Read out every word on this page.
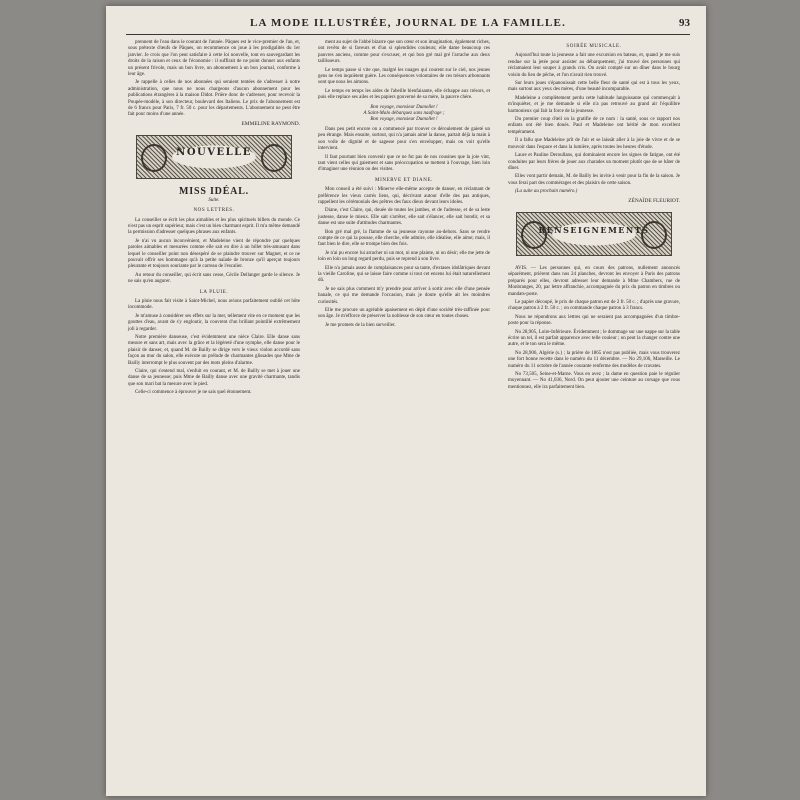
LA MODE ILLUSTRÉE, JOURNAL DE LA FAMILLE.	93

prennent de l'eau dans le courant de l'année. Pâques est le vice-premier de l'an, et, sous prétexte d'œufs de Pâques, on recommence on joue à les prodigalités du 1er janvier. Je crois que l'on peut satisfaire à cette loi nouvelle, tout en sauvegardant les droits de la raison et ceux de l'économie : il suffirait de ne point donner aux enfants un présent frivole, mais un bon livre, un abonnement à un bon journal, conforme à leur âge.

Je rappelle à celles de nos abonnées qui seraient tentées de s'adresser à notre administration, que nous ne nous chargeons d'aucun abonnement pour les publications étrangères à la maison Didot. Prière donc de s'adresser, pour recevoir la Poupée-modèle, à son directeur, boulevard des Italiens. Le prix de l'abonnement est de 6 francs pour Paris, 7 fr. 50 c. pour les départements. L'abonnement ne peut être fait pour moins d'une année.

EMMELINE RAYMOND.
NOUVELLE
MISS IDÉAL.
Suite.
NOS LETTRES.

La conseiller se écrit les plus aimables et les plus spirituels billets du monde. Ce n'est pas un esprit supérieur, mais c'est un bien charmant esprit. Il m'a même demandé la permission d'adresser quelques phrases aux enfants.

Je n'ai vu aucun inconvénient, et Madeleine vient de répondre par quelques paroles aimables et mesurées comme elle sait en dire à un billet très-amusant dans lequel le conseiller point non désespéré de se plaindre trouver sur Magnet, et ce ne pouvait offrir ses hommages qu'à la petite naïade de bronze qu'il aperçut toujours pleurante et toujours souriante par le carreau de l'escalier.

Au retour du conseiller, qui écrit sans cesse, Cécile Dellanger garde le silence. Je ne sais qu'en augurer.

LA PLUIE.

La pluie nous fait visite à Saint-Michel, nous avions parfaitement oublié cet hôte incommode.

Je m'amuse à considérer ses effets sur la mer, tellement vite en ce moment que les gouttes d'eau, avant de s'y engloutir, la couvrent d'un brillant pointillé extrêmement joli à regarder.

Notre première danseuse, c'est évidemment une nièce Claire. Elle danse sans mesure et sans art, mais avec la grâce et la légèreté d'une nymphe, elle danse pour le plaisir de danser, et, quand M. de Bailly se dirige vers le vieux violon accordé sans façon au mur du salon, elle exécute un prélude de charmantes glissades que Mme de Bailly interrompt le plus souvent par des mots pleins d'alarme.

Claire, qui s'entend mal, s'enfuit en courant, et M. de Bailly se met à jouer une danse de sa jeunesse; puis Mme de Bailly danse avec une gravité charmante, tandis que son mari bat la mesure avec le pied.

Celle-ci commence à éprouver je ne sais quel étonnement.

ment au sujet de l'abbé bizarre que son cœur et son imagination, également riches, ont revêtu de si faveurs et d'un si splendides couleurs; elle dame beaucoup ces pauvres anciens, comme pour s'excuser, et qui bon gré mal gré l'arrache aux deux taillisseurs.

Le temps passe si vite que, malgré les nuages qui courent sur le ciel, nos jeunes gens ne s'en inquiètent guère. Les conséquences volontaires de ces trésors arbonnants sont que nous les aimons.

Le temps en temps les aides de l'abeille bienfaisante, elle échappe aux trésors, et puis elle replace ses ailes et les papiers gouverné de sa mère, la pauvre chère.

Bon voyage, monsieur Dumollet !
A Saint-Malo débarquez sans naufrage ;
Bon voyage, monsieur Dumollet !

Dans peu petit encore on a commencé par trouver ce déroulement de gaieté un peu étrange. Mais ensuite, surtout, qui n'a jamais aimé la danse, partait déjà la main à son voile de dignité et de sagesse pour s'en envelopper, mais on voit qu'elle intervient.

Il faut pourtant bien convenir que ce ne fut pas de nos cousines que la joie vint, tant vient celles qui gaiement et sans préoccupation se mettent à l'ouvrage, bien loin d'imaginer une réunion ou des visites.

MINERVE ET DIANE.

Mon conseil a été suivi : Minerve elle-même accepte de danser, en réclamant de préférence les vieux carrés liens, qui, décrivant autour d'elle des pas antiques, rappellent les cérémonials des prêtres des faux dieux devant leurs idoles.

Diane, c'est Claire, qui, douée de toutes les jambes, et de l'adresse, et de sa leste justesse, danse le mieux. Elle sait s'arrêter, elle sait s'élancer, elle sait bondir, et sa danse est une suite d'attitudes charmantes.

Bon gré mal gré, la flamme de sa jeunesse rayonne au-dehors. Sans se rendre compte de ce qui la pousse, elle cherche, elle admire, elle idéalise, elle aime; mais, il faut bien le dire, elle se trompe bien des fois.

Je n'ai pu encore lui arracher ni un mot, ni une plainte, ni un désir; elle me jette de loin en loin un long regard perdu, puis se reprend à son livre.

Elle n'a jamais assez de complaisances pour sa tante, d'extases idolâtriques devant la vieille Caroline, qui se laisse faire comme si tout cet encens lui était naturellement dû.

Je ne sais plus comment m'y prendre pour arriver à sortir avec elle d'une pensée banale, ce qui me demande l'occasion, mais je doute qu'elle ait les moindres curiosités.

Elle me procure un agréable apaisement en dépit d'une société très-raffinée pour son âge. Je m'efforce de préserver la noblesse de son cœur en toutes choses.

Je me promets de la bien surveiller.

SOIRÉE MUSICALE.

Aujourd'hui toute la jeunesse a fait une excursion en bateau, et, quand je me suis rendue sur la jetée pour assister au débarquement, j'ai trouvé des personnes qui réclamaient leur souper à grands cris. On avait compté sur un dîner dans le bourg voisin du lieu de pêche, et l'on n'avait rien trouvé.

Sur leurs joues s'épanouissait cette belle fleur de santé qui est à tous les yeux, mais surtout aux yeux des mères, d'une beauté incomparable.

Madeleine a complètement perdu cette habitude languissante qui commençait à m'inquiéter, et je me demande si elle n'a pas retrouvé au grand air l'équilibre harmonieux qui fait la force de la jeunesse.

Du premier coup d'œil on la gratifie de ce nom : la santé, sous ce rapport nos enfants ont été bien doués. Paul et Madeleine ont hérité de mon excellent tempérament.

Il a fallu que Madeleine prît de l'air et se laissât aller à la joie de vivre et de se mouvoir dans l'espace et dans la lumière, après toutes les heures d'étude.

Laure et Pauline Deroullans, qui dominaient encore les signes de fatigue, ont été conduites par leurs frères de jouer aux charades un moment plutôt que de se hâter de dîner.

Elles vont partir demain, M. de Bailly les invite à venir pour la fin de la saison. Je vous ferai part des commérages et des plaisirs de cette saison.

(La suite au prochain numéro.)

ZÉNAÏDE FLEURIOT.
RENSEIGNEMENTS

AVIS. — Les personnes qui, en cours des patrons, nullement annoncés séparément, prièrent dans nos 24 planches, devront les envoyer à Paris des patrons préparés pour elles, devront adresser leur demande à Mme Chambers, rue de Monbranges, 20, par lettre affranchie, accompagnée du prix du patron en timbres ou mandats-poste.

Le papier découpé, le prix de chaque patron est de 2 fr. 50 c. ; d'après une gravure, chaque patron à 2 fr. 50 c. ; on commande chaque patron à 3 francs.

Nous ne répondrons aux lettres qui ne seraient pas accompagnées d'un timbre-poste pour la réponse.

No 28,905, Loire-Inférieure. Évidemment ; le dommage sur une nappe sur la table écrire un tel, il est parfait apparence avec telle couleur ; on peut la changer contre une autre, et le ton sera le même.

No 28,906, Algérie (s.) ; la prière de 1865 n'est pas publiée, mais vous trouverez une fort bonne recette dans le numéro du 11 décembre. — No 29,106, Marseille. Le numéro du 11 octobre de l'année courante renferme des modèles de cravates.

No 73,505, Seine-et-Marne. Vous en avez ; la dame en question paie le régulier moyennant. — No 41,036, Nord. On peut ajouter une ceinture au corsage que vous mentionnez, elle ira parfaitement bien.
